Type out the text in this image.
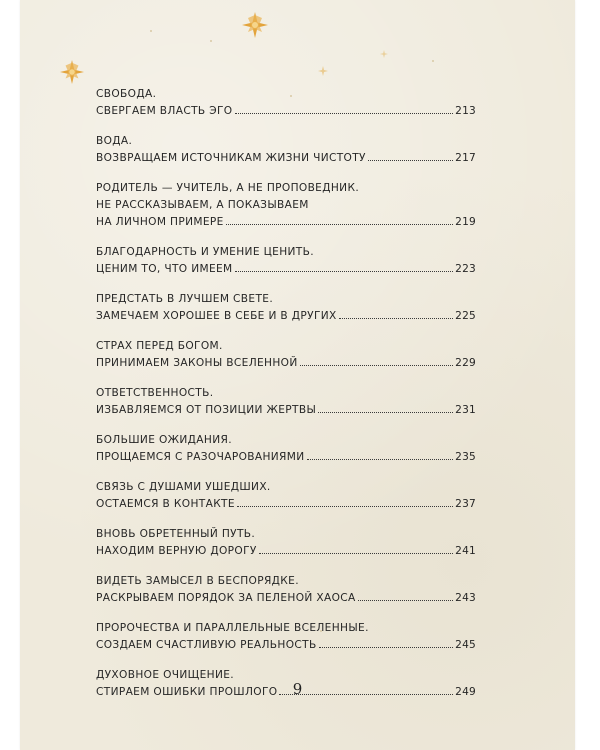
СВОБОДА.
СВЕРГАЕМ ВЛАСТЬ ЭГО	213
ВОДА.
ВОЗВРАЩАЕМ ИСТОЧНИКАМ ЖИЗНИ ЧИСТОТУ	217
РОДИТЕЛЬ — УЧИТЕЛЬ, А НЕ ПРОПОВЕДНИК.
НЕ РАССКАЗЫВАЕМ, А ПОКАЗЫВАЕМ
НА ЛИЧНОМ ПРИМЕРЕ	219
БЛАГОДАРНОСТЬ И УМЕНИЕ ЦЕНИТЬ.
ЦЕНИМ ТО, ЧТО ИМЕЕМ	223
ПРЕДСТАТЬ В ЛУЧШЕМ СВЕТЕ.
ЗАМЕЧАЕМ ХОРОШЕЕ В СЕБЕ И В ДРУГИХ	225
СТРАХ ПЕРЕД БОГОМ.
ПРИНИМАЕМ ЗАКОНЫ ВСЕЛЕННОЙ	229
ОТВЕТСТВЕННОСТЬ.
ИЗБАВЛЯЕМСЯ ОТ ПОЗИЦИИ ЖЕРТВЫ	231
БОЛЬШИЕ ОЖИДАНИЯ.
ПРОЩАЕМСЯ С РАЗОЧАРОВАНИЯМИ	235
СВЯЗЬ С ДУШАМИ УШЕДШИХ.
ОСТАЕМСЯ В КОНТАКТЕ	237
ВНОВЬ ОБРЕТЕННЫЙ ПУТЬ.
НАХОДИМ ВЕРНУЮ ДОРОГУ	241
ВИДЕТЬ ЗАМЫСЕЛ В БЕСПОРЯДКЕ.
РАСКРЫВАЕМ ПОРЯДОК ЗА ПЕЛЕНОЙ ХАОСА	243
ПРОРОЧЕСТВА И ПАРАЛЛЕЛЬНЫЕ ВСЕЛЕННЫЕ.
СОЗДАЕМ СЧАСТЛИВУЮ РЕАЛЬНОСТЬ	245
ДУХОВНОЕ ОЧИЩЕНИЕ.
СТИРАЕМ ОШИБКИ ПРОШЛОГО	249
9
